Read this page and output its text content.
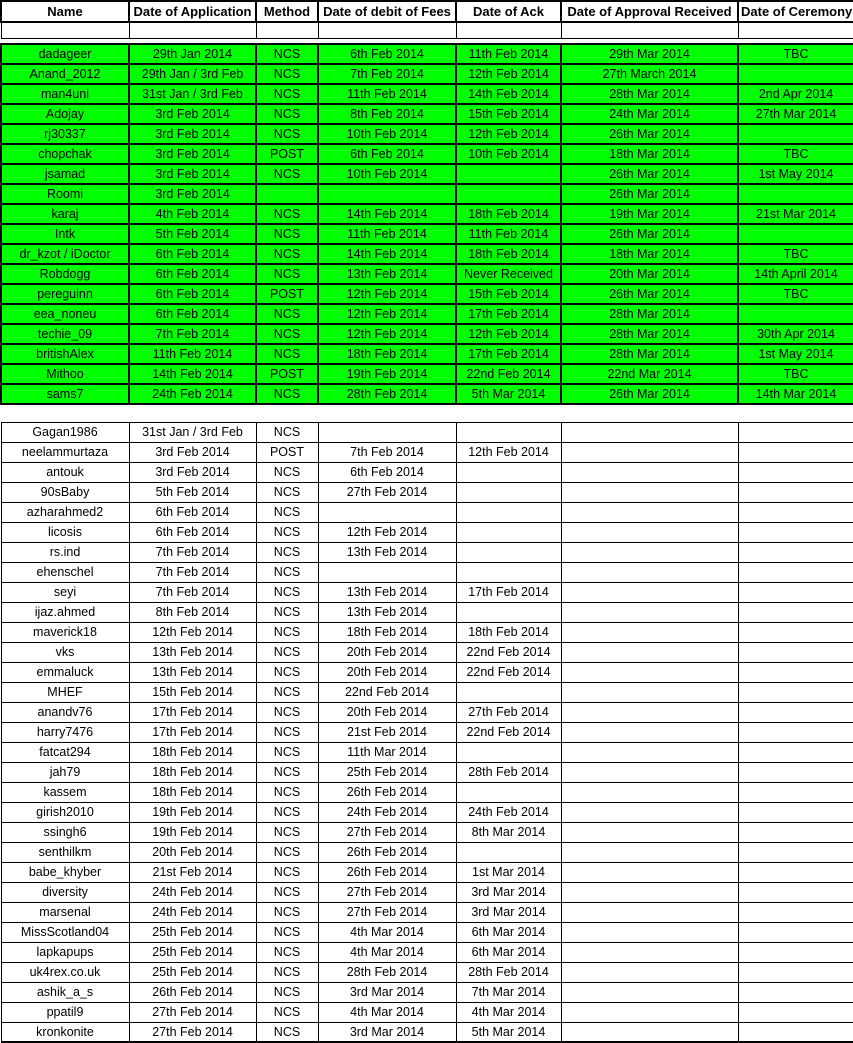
Name	Date of Application	Method	Date of debit of Fees	Date of Ack	Date of Approval Received	Date of Ceremony

dadageer	29th Jan 2014	NCS	6th Feb 2014	11th Feb 2014	29th Mar 2014	TBC
Anand_2012	29th Jan / 3rd Feb	NCS	7th Feb 2014	12th Feb 2014	27th March 2014	
man4uni	31st Jan / 3rd Feb	NCS	11th Feb 2014	14th Feb 2014	28th Mar 2014	2nd Apr 2014
Adojay	3rd Feb 2014	NCS	8th Feb 2014	15th Feb 2014	24th Mar 2014	27th Mar 2014
rj30337	3rd Feb 2014	NCS	10th Feb 2014	12th Feb 2014	26th Mar 2014	
chopchak	3rd Feb 2014	POST	6th Feb 2014	10th Feb 2014	18th Mar 2014	TBC
jsamad	3rd Feb 2014	NCS	10th Feb 2014		26th Mar 2014	1st May 2014
Roomi	3rd Feb 2014				26th Mar 2014	
karaj	4th Feb 2014	NCS	14th Feb 2014	18th Feb 2014	19th Mar 2014	21st Mar 2014
Intk	5th Feb 2014	NCS	11th Feb 2014	11th Feb 2014	26th Mar 2014	
dr_kzot / iDoctor	6th Feb 2014	NCS	14th Feb 2014	18th Feb 2014	18th Mar 2014	TBC
Robdogg	6th Feb 2014	NCS	13th Feb 2014	Never Received	20th Mar 2014	14th April 2014
pereguinn	6th Feb 2014	POST	12th Feb 2014	15th Feb 2014	26th Mar 2014	TBC
eea_noneu	6th Feb 2014	NCS	12th Feb 2014	17th Feb 2014	28th Mar 2014	
techie_09	7th Feb 2014	NCS	12th Feb 2014	12th Feb 2014	28th Mar 2014	30th Apr 2014
britishAlex	11th Feb 2014	NCS	18th Feb 2014	17th Feb 2014	28th Mar 2014	1st May 2014
Mithoo	14th Feb 2014	POST	19th Feb 2014	22nd Feb 2014	22nd Mar 2014	TBC
sams7	24th Feb 2014	NCS	28th Feb 2014	5th Mar 2014	26th Mar 2014	14th Mar 2014

Gagan1986	31st Jan / 3rd Feb	NCS				
neelammurtaza	3rd Feb 2014	POST	7th Feb 2014	12th Feb 2014		
antouk	3rd Feb 2014	NCS	6th Feb 2014			
90sBaby	5th Feb 2014	NCS	27th Feb 2014			
azharahmed2	6th Feb 2014	NCS				
licosis	6th Feb 2014	NCS	12th Feb 2014			
rs.ind	7th Feb 2014	NCS	13th Feb 2014			
ehenschel	7th Feb 2014	NCS				
seyi	7th Feb 2014	NCS	13th Feb 2014	17th Feb 2014		
ijaz.ahmed	8th Feb 2014	NCS	13th Feb 2014			
maverick18	12th Feb 2014	NCS	18th Feb 2014	18th Feb 2014		
vks	13th Feb 2014	NCS	20th Feb 2014	22nd Feb 2014		
emmaluck	13th Feb 2014	NCS	20th Feb 2014	22nd Feb 2014		
MHEF	15th Feb 2014	NCS	22nd Feb 2014			
anandv76	17th Feb 2014	NCS	20th Feb 2014	27th Feb 2014		
harry7476	17th Feb 2014	NCS	21st Feb 2014	22nd Feb 2014		
fatcat294	18th Feb 2014	NCS	11th Mar 2014			
jah79	18th Feb 2014	NCS	25th Feb 2014	28th Feb 2014		
kassem	18th Feb 2014	NCS	26th Feb 2014			
girish2010	19th Feb 2014	NCS	24th Feb 2014	24th Feb 2014		
ssingh6	19th Feb 2014	NCS	27th Feb 2014	8th Mar 2014		
senthilkm	20th Feb 2014	NCS	26th Feb 2014			
babe_khyber	21st Feb 2014	NCS	26th Feb 2014	1st Mar 2014		
diversity	24th Feb 2014	NCS	27th Feb 2014	3rd Mar 2014		
marsenal	24th Feb 2014	NCS	27th Feb 2014	3rd Mar 2014		
MissScotland04	25th Feb 2014	NCS	4th Mar 2014	6th Mar 2014		
lapkapups	25th Feb 2014	NCS	4th Mar 2014	6th Mar 2014		
uk4rex.co.uk	25th Feb 2014	NCS	28th Feb 2014	28th Feb 2014		
ashik_a_s	26th Feb 2014	NCS	3rd Mar 2014	7th Mar 2014		
ppatil9	27th Feb 2014	NCS	4th Mar 2014	4th Mar 2014		
kronkonite	27th Feb 2014	NCS	3rd Mar 2014	5th Mar 2014		
